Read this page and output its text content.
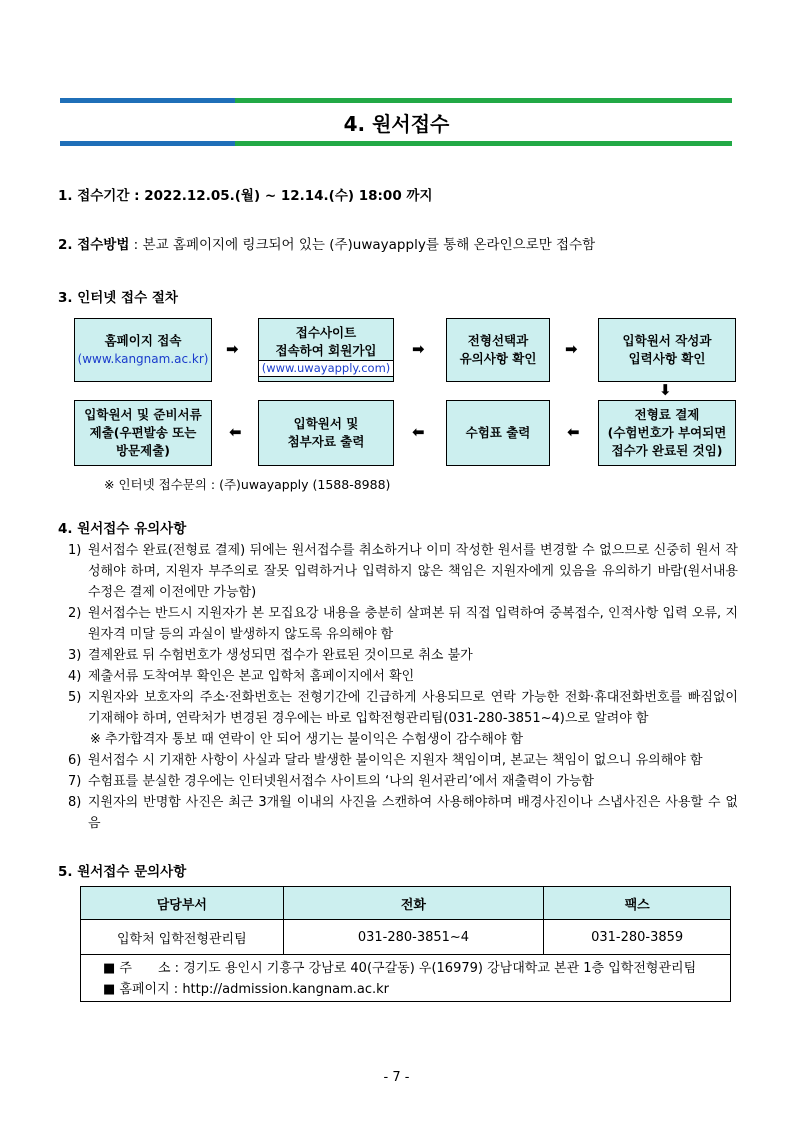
4. 원서접수
1. 접수기간 : 2022.12.05.(월) ~ 12.14.(수) 18:00 까지
2. 접수방법 : 본교 홈페이지에 링크되어 있는 (주)uwayapply를 통해 온라인으로만 접수함
3. 인터넷 접수 절차
홈페이지 접속
(www.kangnam.ac.kr)
➡
접수사이트
접속하여 회원가입
(www.uwayapply.com)
➡	전형선택과
유의사항 확인
➡	입학원서 작성과
입력사항 확인
⬇
입학원서 및 준비서류
제출(우편발송 또는
방문제출)
⬅	입학원서 및
첨부자료 출력
⬅	수험표 출력 ⬅
전형료 결제
(수험번호가 부여되면
접수가 완료된 것임)
※ 인터넷 접수문의 : (주)uwayapply (1588-8988)
4. 원서접수 유의사항
1) 원서접수 완료(전형료 결제) 뒤에는 원서접수를 취소하거나 이미 작성한 원서를 변경할 수 없으므로 신중히 원서 작성해야 하며, 지원자 부주의로 잘못 입력하거나 입력하지 않은 책임은 지원자에게 있음을 유의하기 바람(원서내용 수정은 결제 이전에만 가능함)
2) 원서접수는 반드시 지원자가 본 모집요강 내용을 충분히 살펴본 뒤 직접 입력하여 중복접수, 인적사항 입력 오류, 지원자격 미달 등의 과실이 발생하지 않도록 유의해야 함
3) 결제완료 뒤 수험번호가 생성되면 접수가 완료된 것이므로 취소 불가
4) 제출서류 도착여부 확인은 본교 입학처 홈페이지에서 확인
5) 지원자와 보호자의 주소·전화번호는 전형기간에 긴급하게 사용되므로 연락 가능한 전화·휴대전화번호를 빠짐없이 기재해야 하며, 연락처가 변경된 경우에는 바로 입학전형관리팀(031-280-3851~4)으로 알려야 함
※ 추가합격자 통보 때 연락이 안 되어 생기는 불이익은 수험생이 감수해야 함
6) 원서접수 시 기재한 사항이 사실과 달라 발생한 불이익은 지원자 책임이며, 본교는 책임이 없으니 유의해야 함
7) 수험표를 분실한 경우에는 인터넷원서접수 사이트의 ‘나의 원서관리’에서 재출력이 가능함
8) 지원자의 반명함 사진은 최근 3개월 이내의 사진을 스캔하여 사용해야하며 배경사진이나 스냅사진은 사용할 수 없음
5. 원서접수 문의사항
담당부서	전화	팩스
입학처 입학전형관리팀	031-280-3851~4	031-280-3859
■ 주　　소 : 경기도 용인시 기흥구 강남로 40(구갈동) 우(16979) 강남대학교 본관 1층 입학전형관리팀
■ 홈페이지 : http://admission.kangnam.ac.kr
- 7 -
